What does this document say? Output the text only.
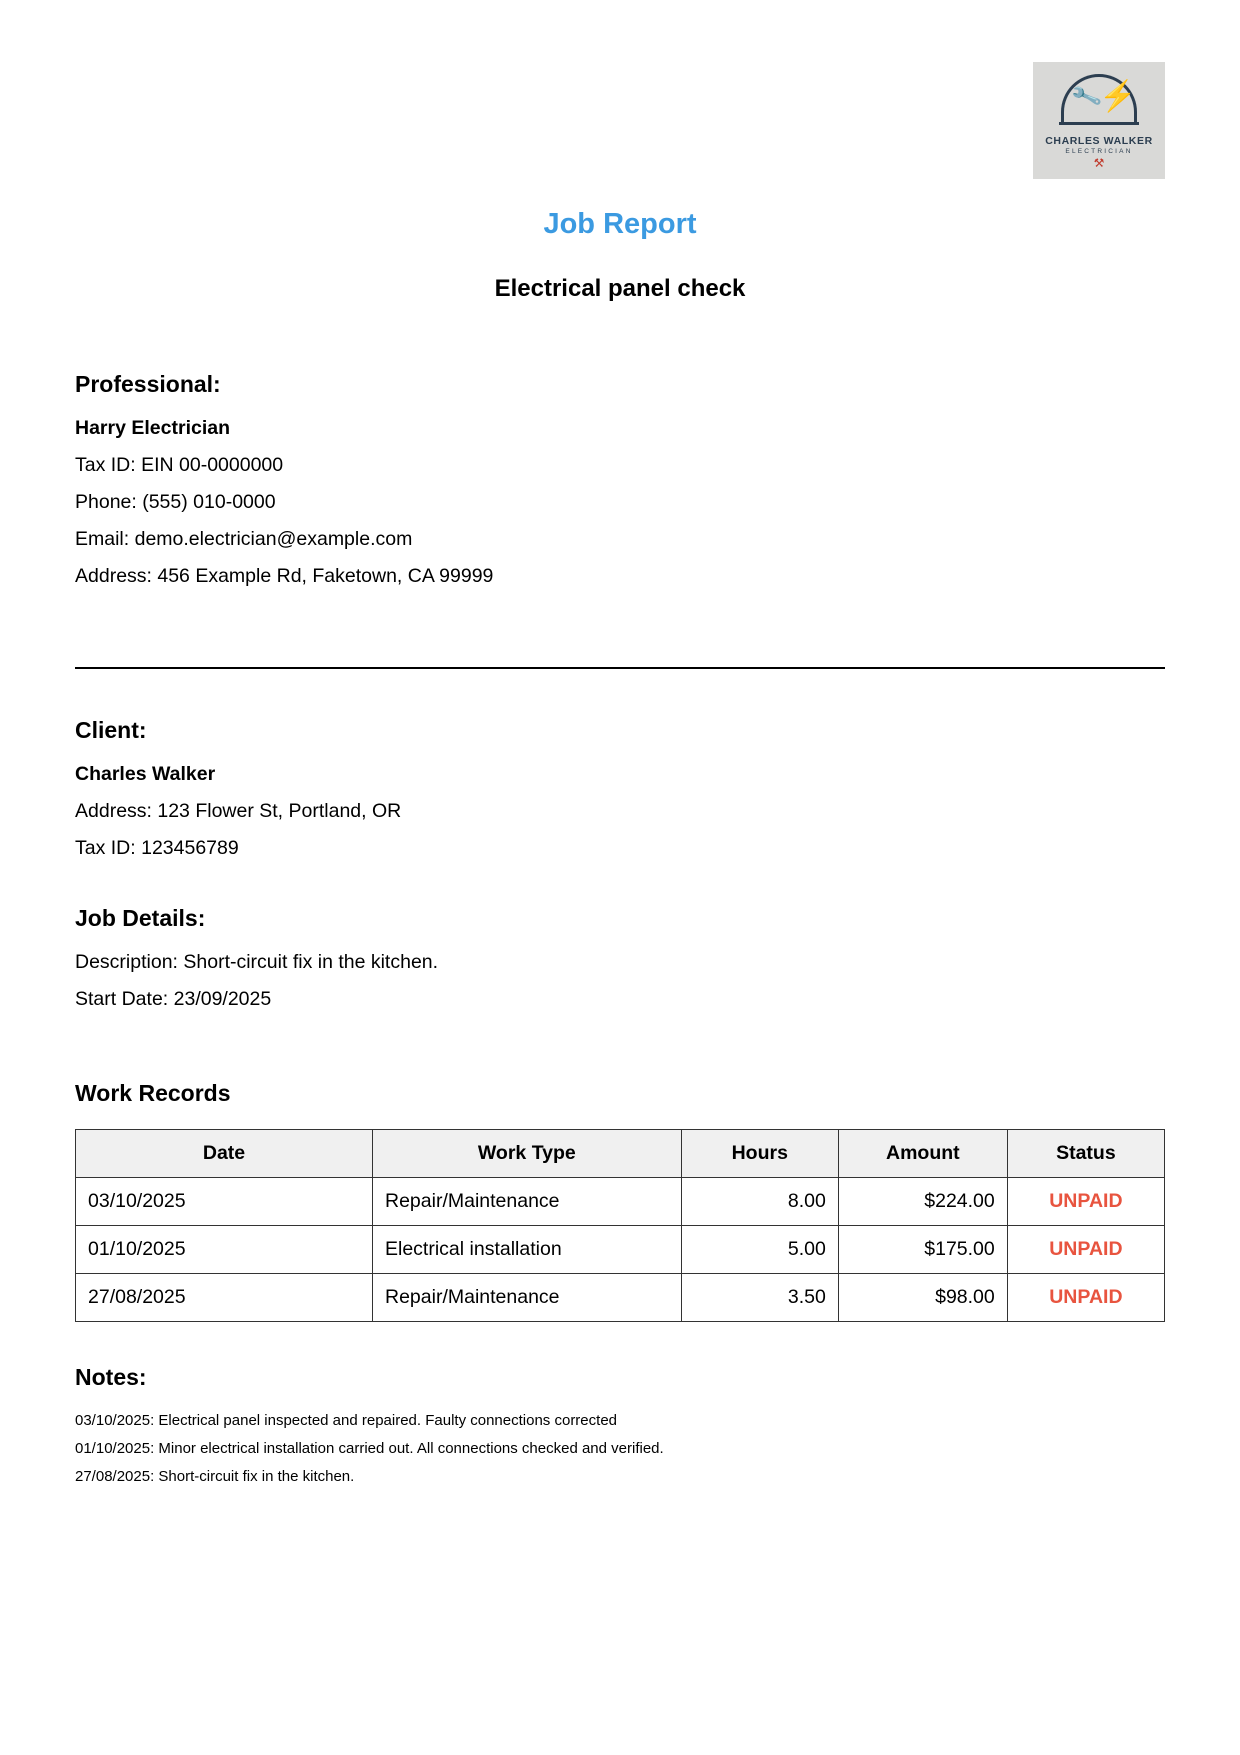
🔧
⚡
CHARLES WALKER
ELECTRICIAN
⚒
Job Report
Electrical panel check
Professional:
Harry Electrician
Tax ID: EIN 00-0000000
Phone: (555) 010-0000
Email: demo.electrician@example.com
Address: 456 Example Rd, Faketown, CA 99999
Client:
Charles Walker
Address: 123 Flower St, Portland, OR
Tax ID: 123456789
Job Details:
Description: Short-circuit fix in the kitchen.
Start Date: 23/09/2025
Work Records
Date	Work Type	Hours	Amount	Status
03/10/2025	Repair/Maintenance	8.00	$224.00	UNPAID
01/10/2025	Electrical installation	5.00	$175.00	UNPAID
27/08/2025	Repair/Maintenance	3.50	$98.00	UNPAID
Notes:
03/10/2025: Electrical panel inspected and repaired. Faulty connections corrected
01/10/2025: Minor electrical installation carried out. All connections checked and verified.
27/08/2025: Short-circuit fix in the kitchen.
